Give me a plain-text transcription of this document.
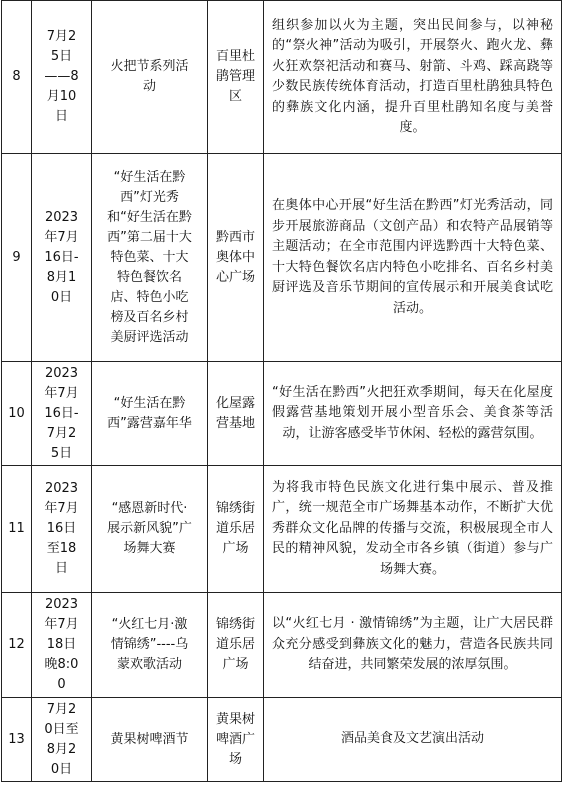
8	7月25日——8月10日	火把节系列活动	百里杜鹃管理区	组织参加以火为主题，突出民间参与，以神秘的“祭火神”活动为吸引，开展祭火、跑火龙、彝火狂欢祭祀活动和赛马、射箭、斗鸡、踩高跷等少数民族传统体育活动，打造百里杜鹃独具特色的彝族文化内涵，提升百里杜鹃知名度与美誉度。
9	2023年7月16日-8月10日	“好生活在黔西”灯光秀和“好生活在黔西”第二届十大特色菜、十大特色餐饮名店、特色小吃榜及百名乡村美厨评选活动	黔西市奥体中心广场	在奥体中心开展“好生活在黔西”灯光秀活动，同步开展旅游商品（文创产品）和农特产品展销等主题活动；在全市范围内评选黔西十大特色菜、十大特色餐饮名店内特色小吃排名、百名乡村美厨评选及音乐节期间的宣传展示和开展美食试吃活动。
10	2023年7月16日-7月25日	“好生活在黔西”露营嘉年华	化屋露营基地	“好生活在黔西”火把狂欢季期间，每天在化屋度假露营基地策划开展小型音乐会、美食茶等活动，让游客感受毕节休闲、轻松的露营氛围。
11	2023年7月16日至18日	“感恩新时代·展示新风貌”广场舞大赛	锦绣街道乐居广场	为将我市特色民族文化进行集中展示、普及推广，统一规范全市广场舞基本动作，不断扩大优秀群众文化品牌的传播与交流，积极展现全市人民的精神风貌，发动全市各乡镇（街道）参与广场舞大赛。
12	2023年7月18日晚8:00	“火红七月·激情锦绣”----乌蒙欢歌活动	锦绣街道乐居广场	以“火红七月 · 激情锦绣”为主题，让广大居民群众充分感受到彝族文化的魅力，营造各民族共同结奋进，共同繁荣发展的浓厚氛围。
13	7月20日至8月20日	黄果树啤酒节	黄果树啤酒广场	酒品美食及文艺演出活动
